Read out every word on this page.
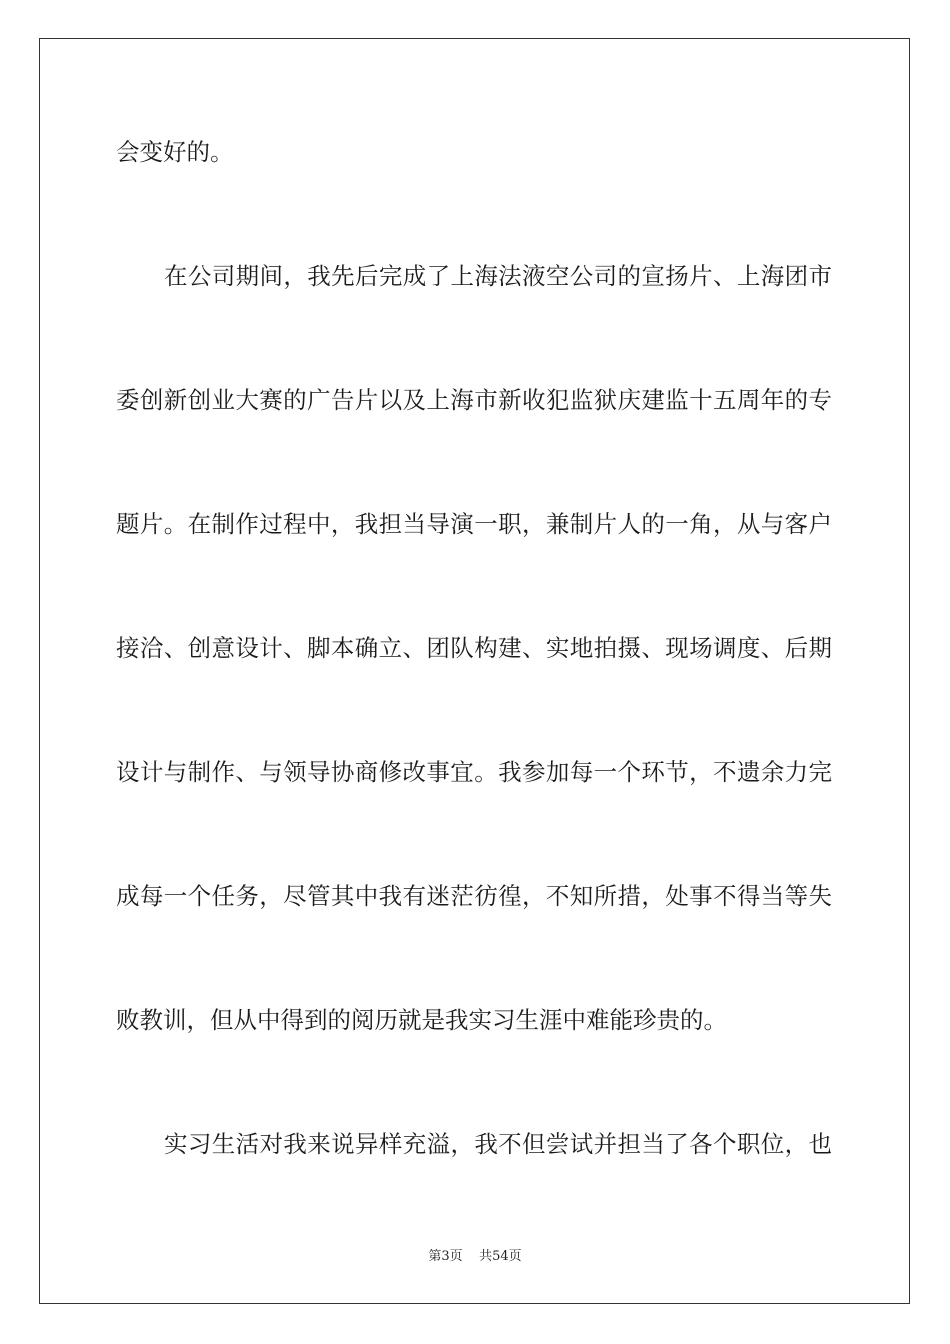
会变好的。
在公司期间，我先后完成了上海法液空公司的宣扬片、上海团市
委创新创业大赛的广告片以及上海市新收犯监狱庆建监十五周年的专
题片。在制作过程中，我担当导演一职，兼制片人的一角，从与客户
接洽、创意设计、脚本确立、团队构建、实地拍摄、现场调度、后期
设计与制作、与领导协商修改事宜。我参加每一个环节，不遗余力完
成每一个任务，尽管其中我有迷茫彷徨，不知所措，处事不得当等失
败教训，但从中得到的阅历就是我实习生涯中难能珍贵的。
实习生活对我来说异样充溢，我不但尝试并担当了各个职位，也
第3页    共54页
